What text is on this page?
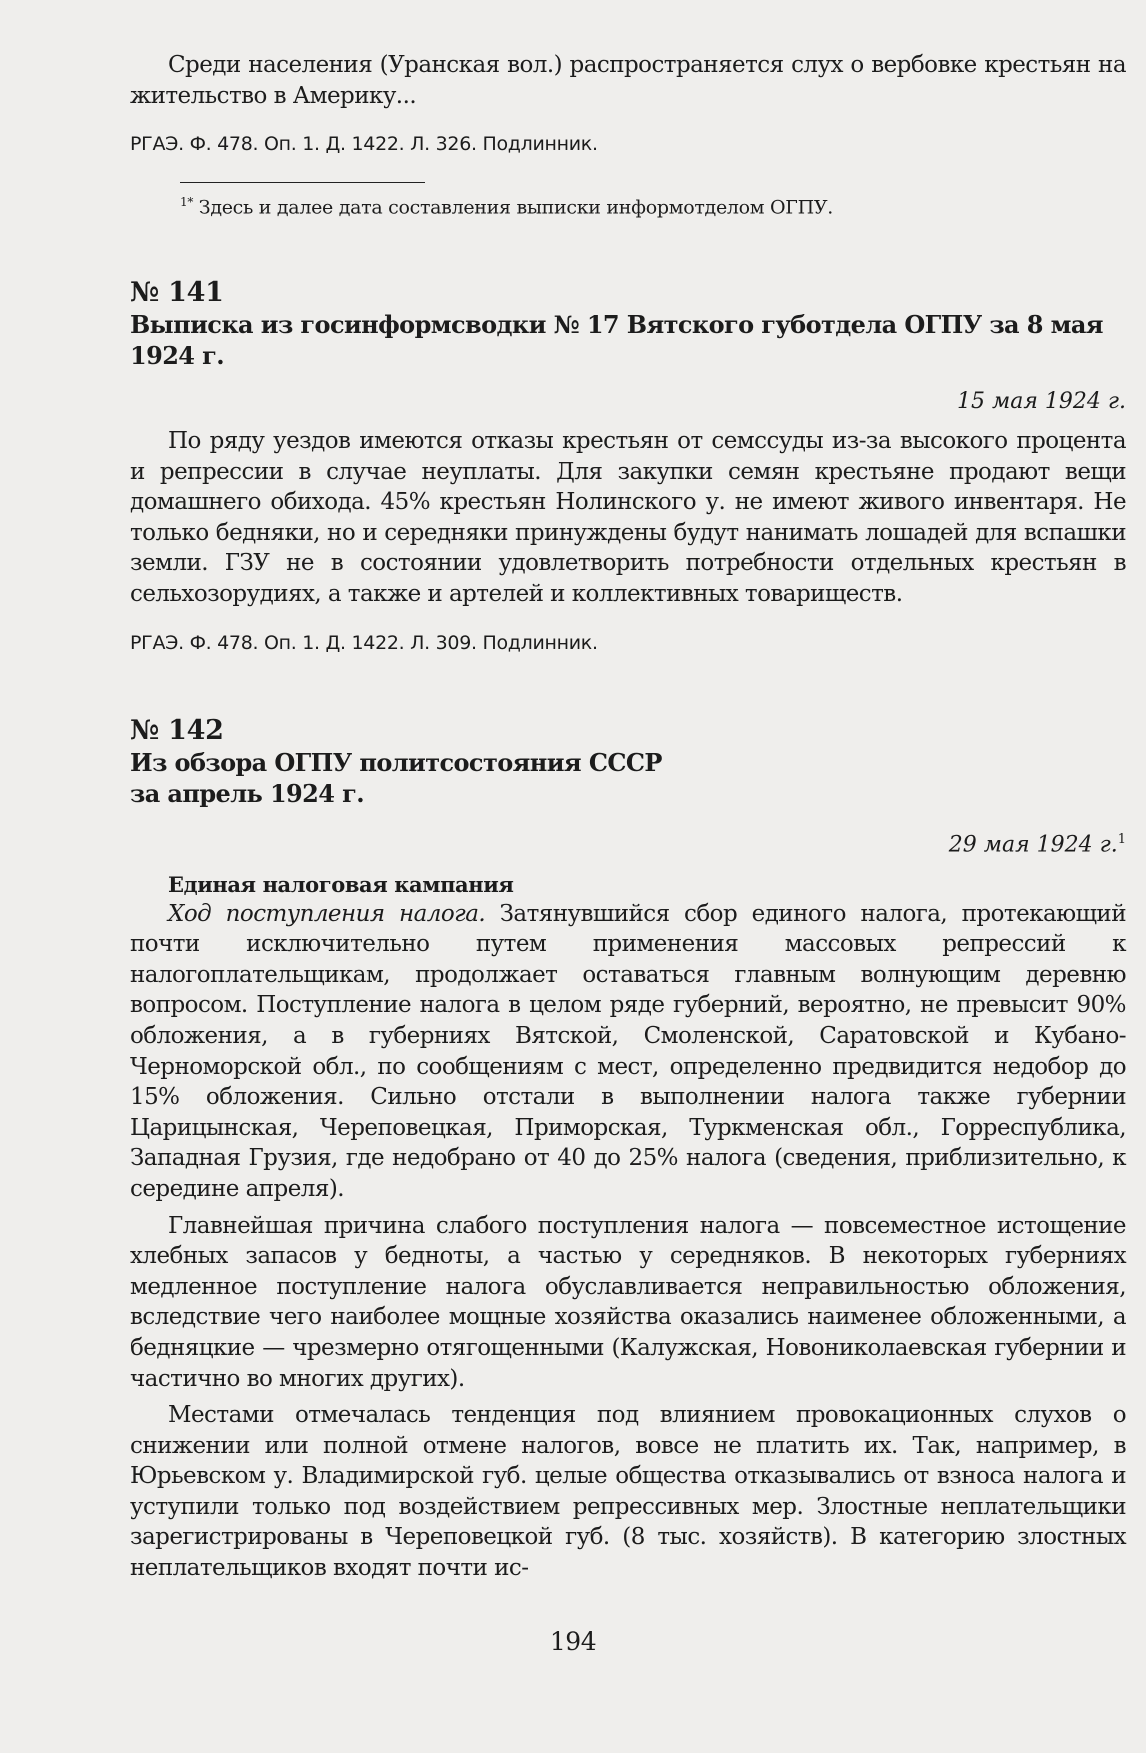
Среди населения (Уранская вол.) распространяется слух о вербовке крестьян на жительство в Америку...

РГАЭ. Ф. 478. Оп. 1. Д. 1422. Л. 326. Подлинник.

$^{1*}$ Здесь и далее дата составления выписки информотделом ОГПУ.

№ 141
Выписка из госинформсводки № 17 Вятского губотдела ОГПУ за 8 мая 1924 г.
15 мая 1924 г.

По ряду уездов имеются отказы крестьян от семссуды из-за высокого процента и репрессии в случае неуплаты. Для закупки семян крестьяне продают вещи домашнего обихода. 45% крестьян Нолинского у. не имеют живого инвентаря. Не только бедняки, но и середняки принуждены будут нанимать лошадей для вспашки земли. ГЗУ не в состоянии удовлетворить потребности отдельных крестьян в сельхозорудиях, а также и артелей и коллективных товариществ.

РГАЭ. Ф. 478. Оп. 1. Д. 1422. Л. 309. Подлинник.

№ 142
Из обзора ОГПУ политсостояния СССР
за апрель 1924 г.
29 мая 1924 г.$^1$
Единая налоговая кампания

Ход поступления налога. Затянувшийся сбор единого налога, протекающий почти исключительно путем применения массовых репрессий к налогоплательщикам, продолжает оставаться главным волнующим деревню вопросом. Поступление налога в целом ряде губерний, вероятно, не превысит 90% обложения, а в губерниях Вятской, Смоленской, Саратовской и Кубано-Черноморской обл., по сообщениям с мест, определенно предвидится недобор до 15% обложения. Сильно отстали в выполнении налога также губернии Царицынская, Череповецкая, Приморская, Туркменская обл., Горреспублика, Западная Грузия, где недобрано от 40 до 25% налога (сведения, приблизительно, к середине апреля).

Главнейшая причина слабого поступления налога — повсеместное истощение хлебных запасов у бедноты, а частью у середняков. В некоторых губерниях медленное поступление налога обуславливается неправильностью обложения, вследствие чего наиболее мощные хозяйства оказались наименее обложенными, а бедняцкие — чрезмерно отягощенными (Калужская, Новониколаевская губернии и частично во многих других).

Местами отмечалась тенденция под влиянием провокационных слухов о снижении или полной отмене налогов, вовсе не платить их. Так, например, в Юрьевском у. Владимирской губ. целые общества отказывались от взноса налога и уступили только под воздействием репрессивных мер. Злостные неплательщики зарегистрированы в Череповецкой губ. (8 тыс. хозяйств). В категорию злостных неплательщиков входят почти ис-

194
